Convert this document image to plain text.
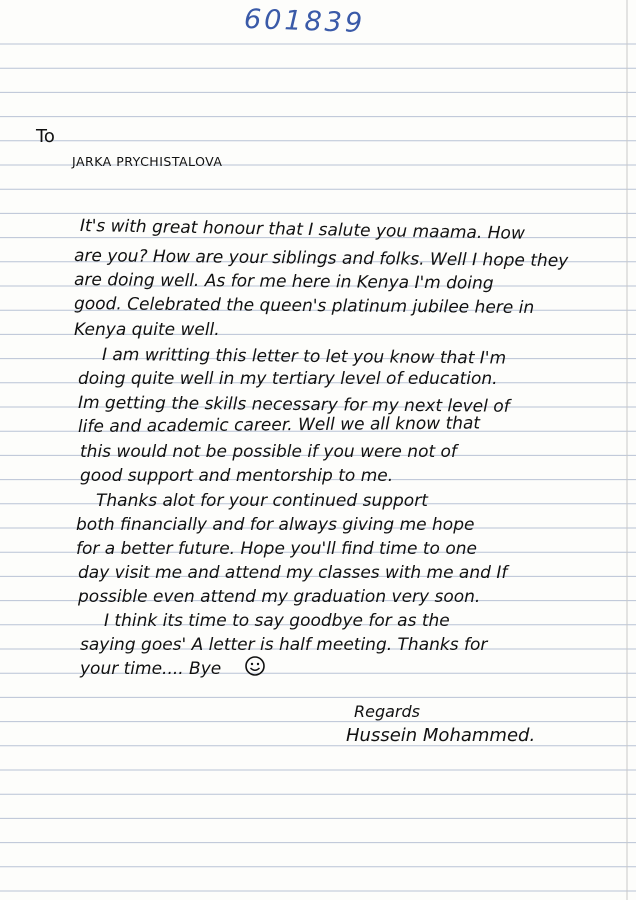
601839
To
JARKA PRYCHISTALOVA
It's with great honour that I salute you maama. How
are you? How are your siblings and folks. Well I hope they
are doing well. As for me here in Kenya I'm doing
good. Celebrated the queen's platinum jubilee here in
Kenya quite well.
I am writting this letter to let you know that I'm
doing quite well in my tertiary level of education.
Im getting the skills necessary for my next level of
life and academic career. Well we all know that
this would not be possible if you were not of
good support and mentorship to me.
Thanks alot for your continued support
both financially and for always giving me hope
for a better future. Hope you'll find time to one
day visit me and attend my classes with me and If
possible even attend my graduation very soon.
I think its time to say goodbye for as the
saying goes' A letter is half meeting. Thanks for
your time.... Bye
Regards
Hussein Mohammed.
